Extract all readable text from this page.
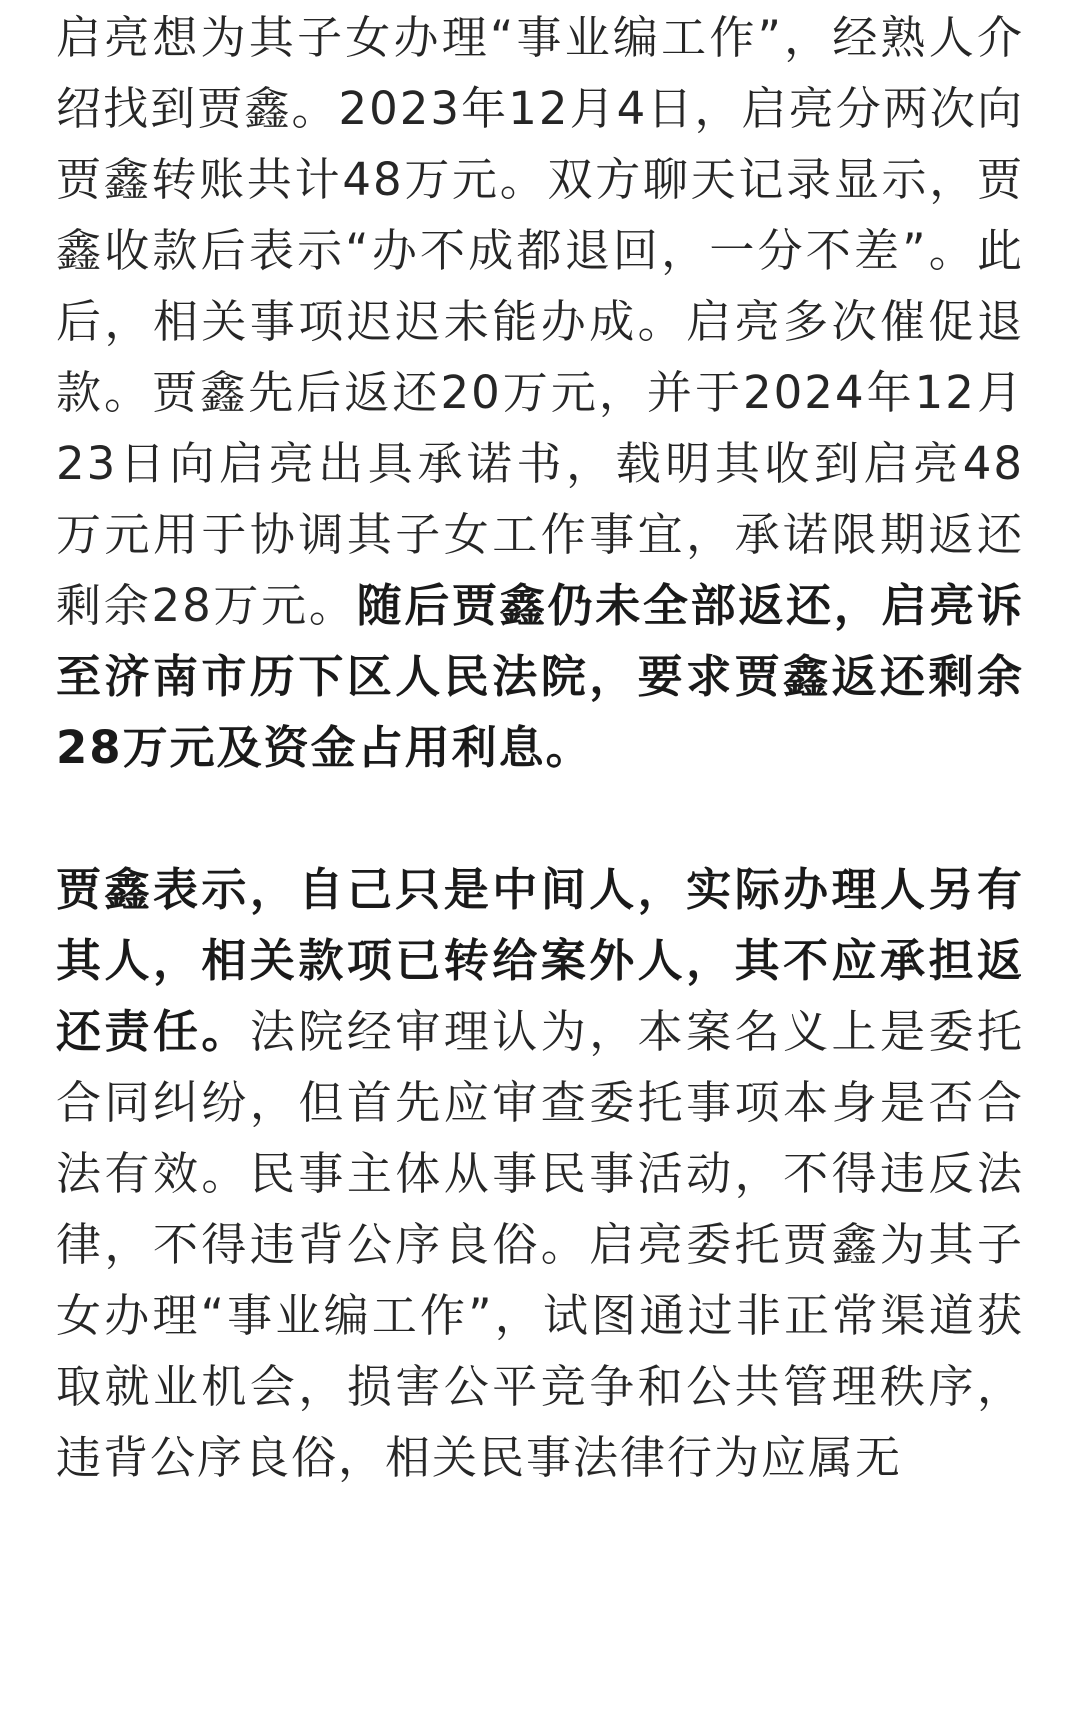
启亮想为其子女办理“事业编工作”，经熟人介绍找到贾鑫。2023年12月4日，启亮分两次向贾鑫转账共计48万元。双方聊天记录显示，贾鑫收款后表示“办不成都退回，一分不差”。此后，相关事项迟迟未能办成。启亮多次催促退款。贾鑫先后返还20万元，并于2024年12月23日向启亮出具承诺书，载明其收到启亮48万元用于协调其子女工作事宜，承诺限期返还剩余28万元。随后贾鑫仍未全部返还，启亮诉至济南市历下区人民法院，要求贾鑫返还剩余28万元及资金占用利息。

贾鑫表示，自己只是中间人，实际办理人另有其人，相关款项已转给案外人，其不应承担返还责任。法院经审理认为，本案名义上是委托合同纠纷，但首先应审查委托事项本身是否合法有效。民事主体从事民事活动，不得违反法律，不得违背公序良俗。启亮委托贾鑫为其子女办理“事业编工作”，试图通过非正常渠道获取就业机会，损害公平竞争和公共管理秩序，违背公序良俗，相关民事法律行为应属无
